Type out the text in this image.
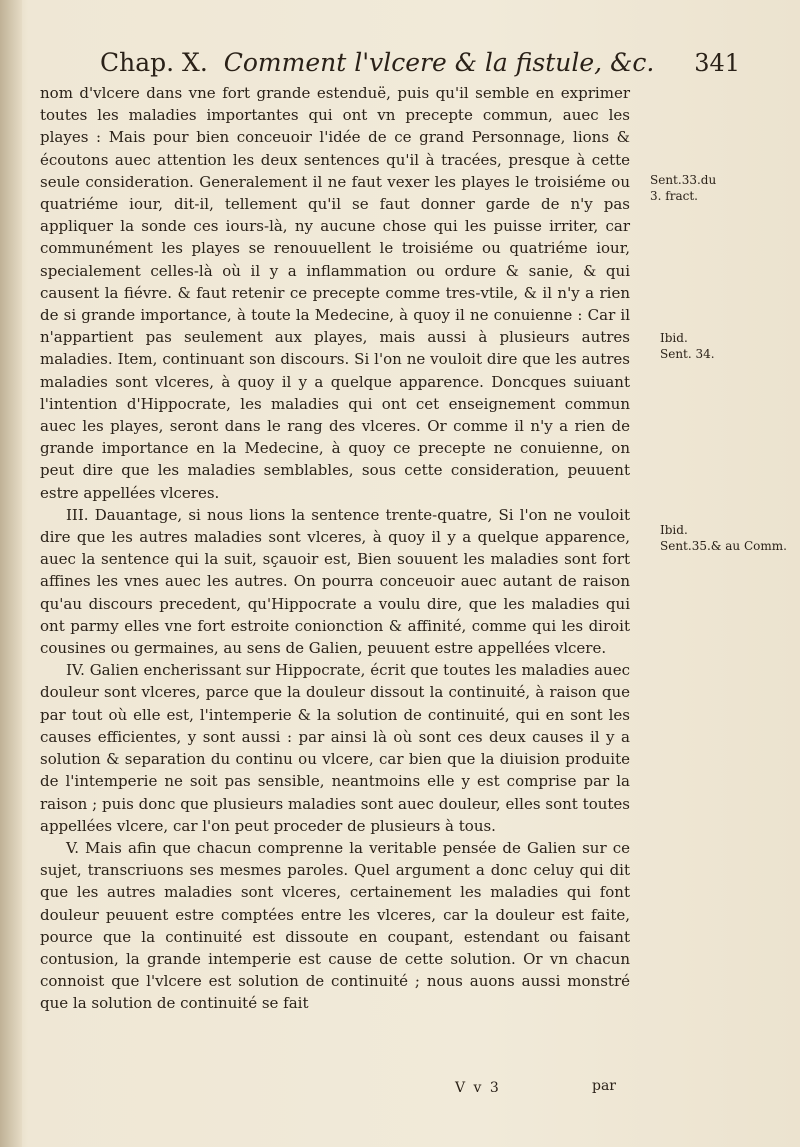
Chap. X. Comment l'vlcere & la fistule, &c. 341

nom d'vlcere dans vne fort grande estenduë, puis qu'il semble en exprimer toutes les maladies importantes qui ont vn precepte commun, auec les playes : Mais pour bien conceuoir l'idée de ce grand Personnage, lions & écoutons auec attention les deux sentences qu'il à tracées, presque à cette seule consideration. Generalement il ne faut vexer les playes le troisiéme ou quatriéme iour, dit-il, tellement qu'il se faut donner garde de n'y pas appliquer la sonde ces iours-là, ny aucune chose qui les puisse irriter, car communément les playes se renouuellent le troisiéme ou quatriéme iour, specialement celles-là où il y a inflammation ou ordure & sanie, & qui causent la fiévre. & faut retenir ce precepte comme tres-vtile, & il n'y a rien de si grande importance, à toute la Medecine, à quoy il ne conuienne : Car il n'appartient pas seulement aux playes, mais aussi à plusieurs autres maladies. Item, continuant son discours. Si l'on ne vouloit dire que les autres maladies sont vlceres, à quoy il y a quelque apparence. Doncques suiuant l'intention d'Hippocrate, les maladies qui ont cet enseignement commun auec les playes, seront dans le rang des vlceres. Or comme il n'y a rien de grande importance en la Medecine, à quoy ce precepte ne conuienne, on peut dire que les maladies semblables, sous cette consideration, peuuent estre appellées vlceres.

III. Dauantage, si nous lions la sentence trente-quatre, Si l'on ne vouloit dire que les autres maladies sont vlceres, à quoy il y a quelque apparence, auec la sentence qui la suit, sçauoir est, Bien souuent les maladies sont fort affines les vnes auec les autres. On pourra conceuoir auec autant de raison qu'au discours precedent, qu'Hippocrate a voulu dire, que les maladies qui ont parmy elles vne fort estroite conionction & affinité, comme qui les diroit cousines ou germaines, au sens de Galien, peuuent estre appellées vlcere.

IV. Galien encherissant sur Hippocrate, écrit que toutes les maladies auec douleur sont vlceres, parce que la douleur dissout la continuité, à raison que par tout où elle est, l'intemperie & la solution de continuité, qui en sont les causes efficientes, y sont aussi : par ainsi là où sont ces deux causes il y a solution & separation du continu ou vlcere, car bien que la diuision produite de l'intemperie ne soit pas sensible, neantmoins elle y est comprise par la raison ; puis donc que plusieurs maladies sont auec douleur, elles sont toutes appellées vlcere, car l'on peut proceder de plusieurs à tous.

V. Mais afin que chacun comprenne la veritable pensée de Galien sur ce sujet, transcriuons ses mesmes paroles. Quel argument a donc celuy qui dit que les autres maladies sont vlceres, certainement les maladies qui font douleur peuuent estre comptées entre les vlceres, car la douleur est faite, pource que la continuité est dissoute en coupant, estendant ou faisant contusion, la grande intemperie est cause de cette solution. Or vn chacun connoist que l'vlcere est solution de continuité ; nous auons aussi monstré que la solution de continuité se fait

Sent.33.du
3. fract.
Ibid.
Sent. 34.
Ibid.
Sent.35.& au Comm.
V v 3	par
